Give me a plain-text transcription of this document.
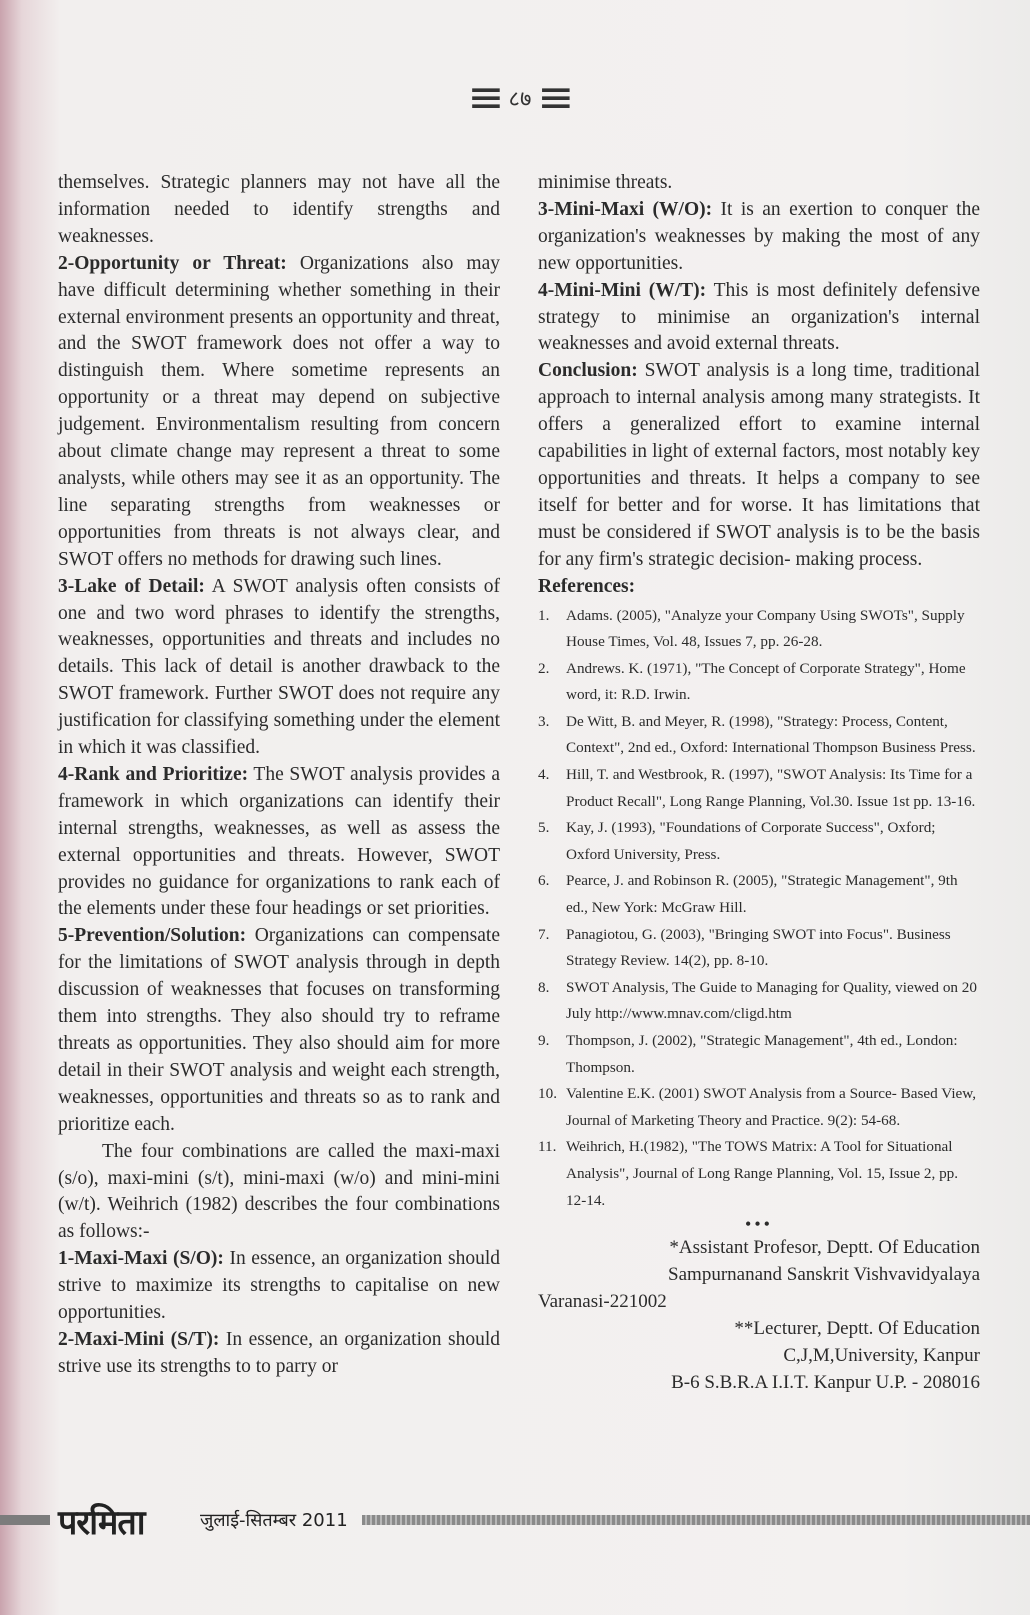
≡ ८७ ≡

themselves. Strategic planners may not have all the information needed to identify strengths and weaknesses.

2-Opportunity or Threat: Organizations also may have difficult determining whether something in their external environment presents an opportunity and threat, and the SWOT framework does not offer a way to distinguish them. Where sometime represents an opportunity or a threat may depend on subjective judgement. Environmentalism resulting from concern about climate change may represent a threat to some analysts, while others may see it as an opportunity. The line separating strengths from weaknesses or opportunities from threats is not always clear, and SWOT offers no methods for drawing such lines.

3-Lake of Detail: A SWOT analysis often consists of one and two word phrases to identify the strengths, weaknesses, opportunities and threats and includes no details. This lack of detail is another drawback to the SWOT framework. Further SWOT does not require any justification for classifying something under the element in which it was classified.

4-Rank and Prioritize: The SWOT analysis provides a framework in which organizations can identify their internal strengths, weaknesses, as well as assess the external opportunities and threats. However, SWOT provides no guidance for organizations to rank each of the elements under these four headings or set priorities.

5-Prevention/Solution: Organizations can compensate for the limitations of SWOT analysis through in depth discussion of weaknesses that focuses on transforming them into strengths. They also should try to reframe threats as opportunities. They also should aim for more detail in their SWOT analysis and weight each strength, weaknesses, opportunities and threats so as to rank and prioritize each.

The four combinations are called the maxi-maxi (s/o), maxi-mini (s/t), mini-maxi (w/o) and mini-mini (w/t). Weihrich (1982) describes the four combinations as follows:-

1-Maxi-Maxi (S/O): In essence, an organization should strive to maximize its strengths to capitalise on new opportunities.

2-Maxi-Mini (S/T): In essence, an organization should strive use its strengths to to parry or

minimise threats.

3-Mini-Maxi (W/O): It is an exertion to conquer the organization's weaknesses by making the most of any new opportunities.

4-Mini-Mini (W/T): This is most definitely defensive strategy to minimise an organization's internal weaknesses and avoid external threats.

Conclusion: SWOT analysis is a long time, traditional approach to internal analysis among many strategists. It offers a generalized effort to examine internal capabilities in light of external factors, most notably key opportunities and threats. It helps a company to see itself for better and for worse. It has limitations that must be considered if SWOT analysis is to be the basis for any firm's strategic decision- making process.

References:

1. Adams. (2005), "Analyze your Company Using SWOTs", Supply House Times, Vol. 48, Issues 7, pp. 26-28.
2. Andrews. K. (1971), "The Concept of Corporate Strategy", Home word, it: R.D. Irwin.
3. De Witt, B. and Meyer, R. (1998), "Strategy: Process, Content, Context", 2nd ed., Oxford: International Thompson Business Press.
4. Hill, T. and Westbrook, R. (1997), "SWOT Analysis: Its Time for a Product Recall", Long Range Planning, Vol.30. Issue 1st pp. 13-16.
5. Kay, J. (1993), "Foundations of Corporate Success", Oxford; Oxford University, Press.
6. Pearce, J. and Robinson R. (2005), "Strategic Management", 9th ed., New York: McGraw Hill.
7. Panagiotou, G. (2003), "Bringing SWOT into Focus". Business Strategy Review. 14(2), pp. 8-10.
8. SWOT Analysis, The Guide to Managing for Quality, viewed on 20 July http://www.mnav.com/cligd.htm
9. Thompson, J. (2002), "Strategic Management", 4th ed., London: Thompson.
10. Valentine E.K. (2001) SWOT Analysis from a Source- Based View, Journal of Marketing Theory and Practice. 9(2): 54-68.
11. Weihrich, H.(1982), "The TOWS Matrix: A Tool for Situational Analysis", Journal of Long Range Planning, Vol. 15, Issue 2, pp. 12-14.

•••

*Assistant Profesor, Deptt. Of Education

Sampurnanand Sanskrit Vishvavidyalaya

Varanasi-221002

**Lecturer, Deptt. Of Education

C,J,M,University, Kanpur

B-6 S.B.R.A I.I.T. Kanpur U.P. - 208016

परमिता	जुलाई-सितम्बर 2011
